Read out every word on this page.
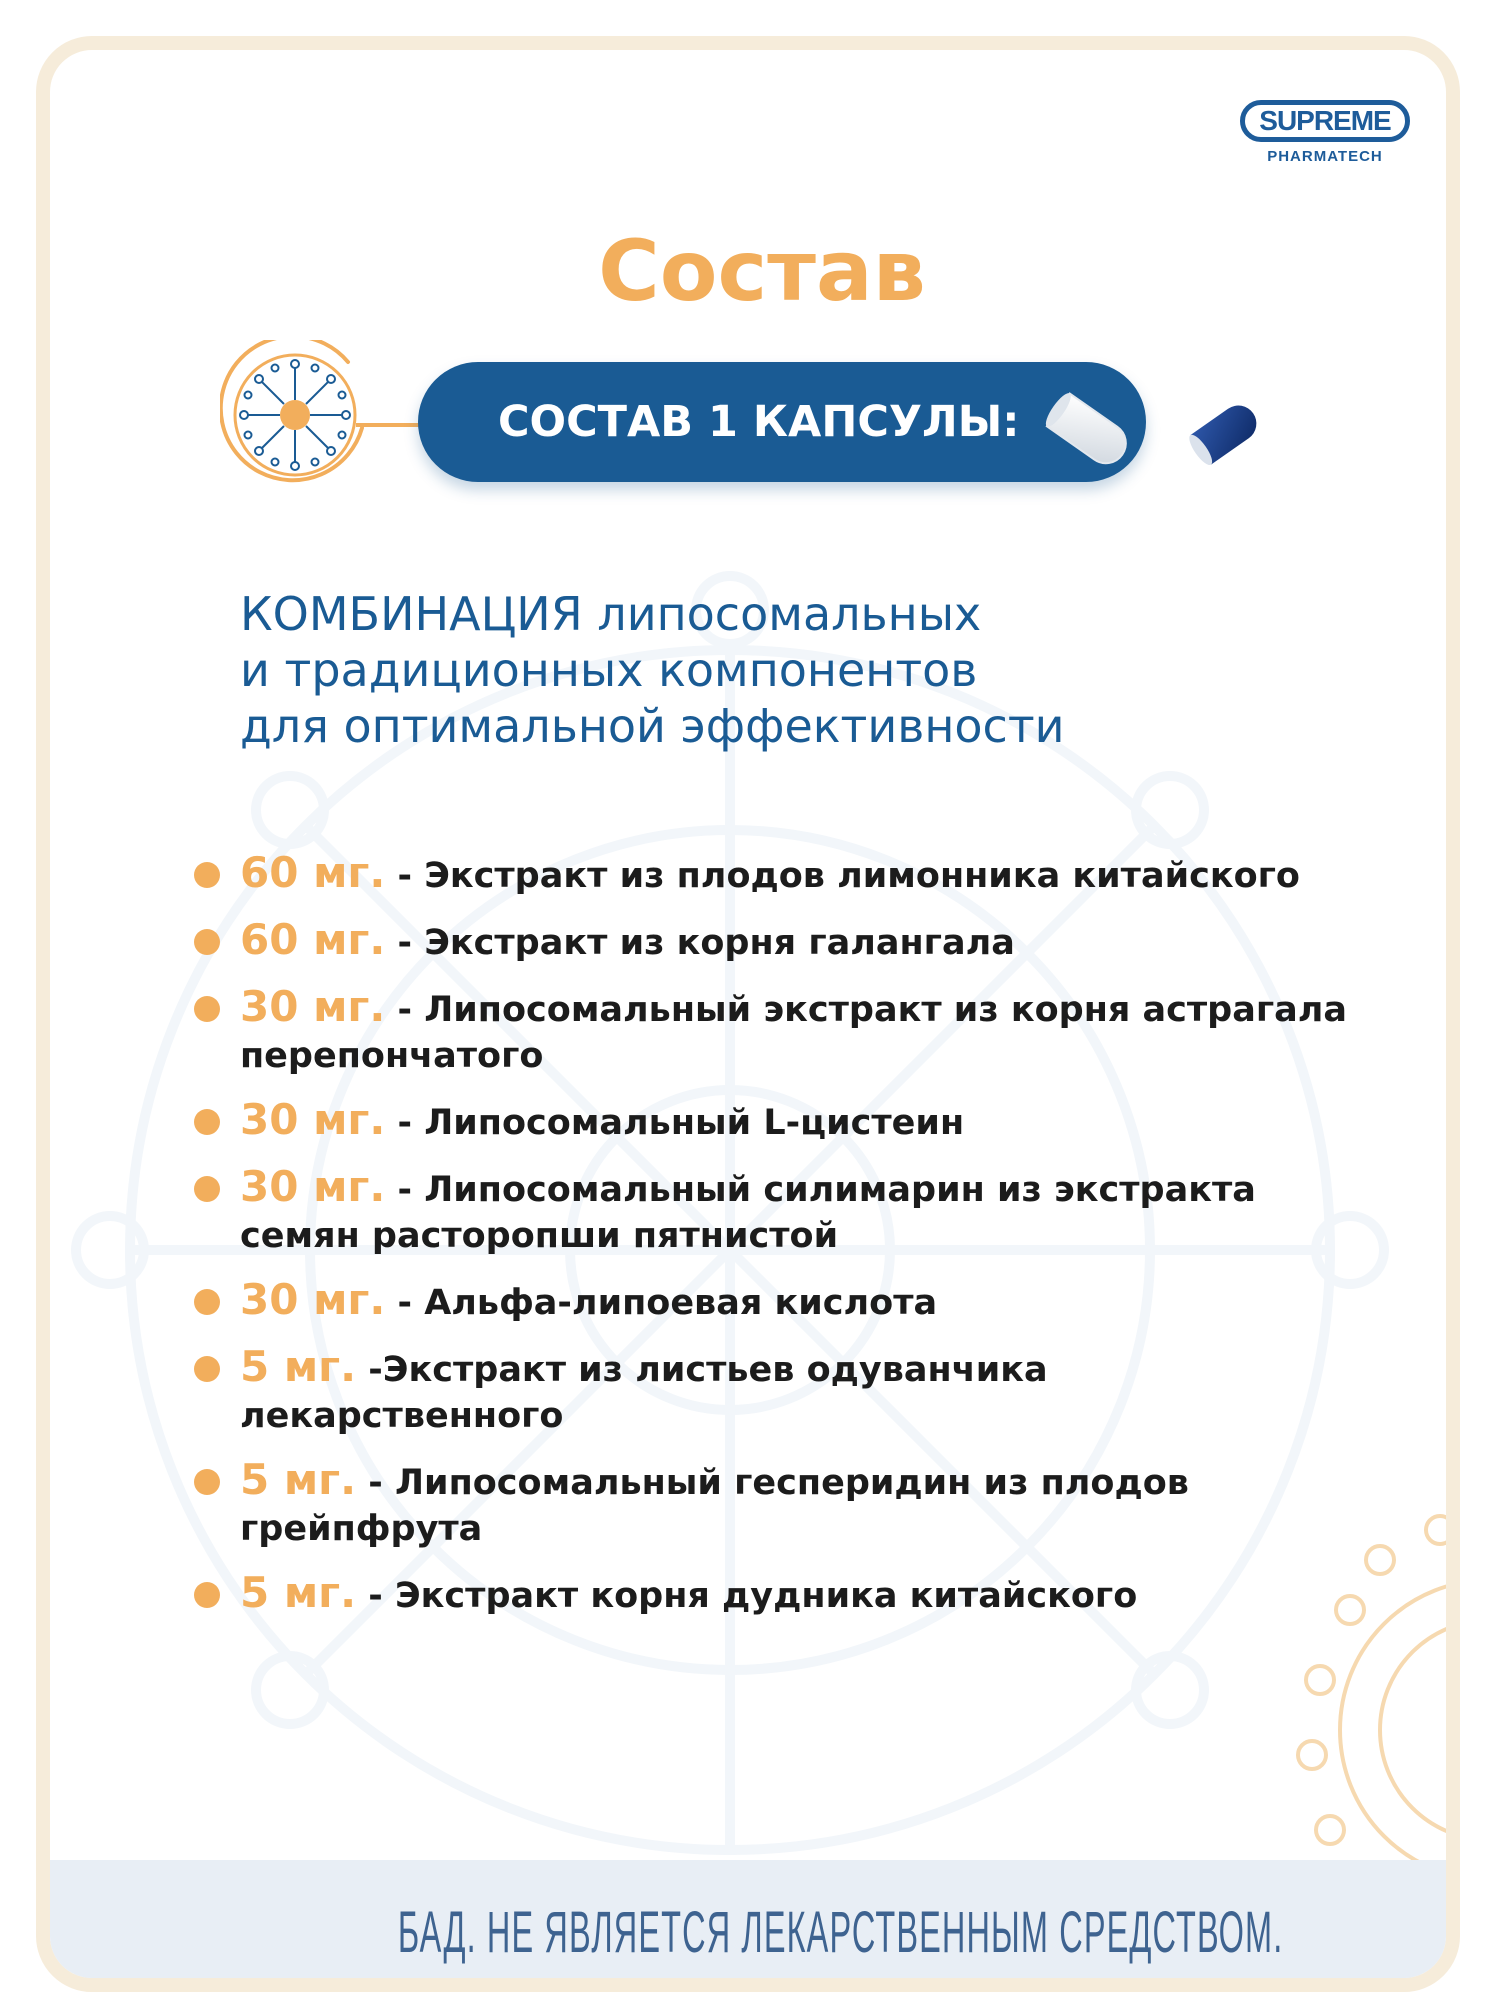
SUPREME
PHARMATECH
Состав
СОСТАВ 1 КАПСУЛЫ:

КОМБИНАЦИЯ липосомальных
и традиционных компонентов
для оптимальной эффективности

60 мг. - Экстракт из плодов лимонника китайского
60 мг. - Экстракт из корня галангала
30 мг. - Липосомальный экстракт из корня астрагала перепончатого
30 мг. - Липосомальный L-цистеин
30 мг. - Липосомальный силимарин из экстракта семян расторопши пятнистой
30 мг. - Альфа-липоевая кислота
5 мг. -Экстракт из листьев одуванчика лекарственного
5 мг. - Липосомальный гесперидин из плодов грейпфрута
5 мг. - Экстракт корня дудника китайского
БАД. НЕ ЯВЛЯЕТСЯ ЛЕКАРСТВЕННЫМ СРЕДСТВОМ.
